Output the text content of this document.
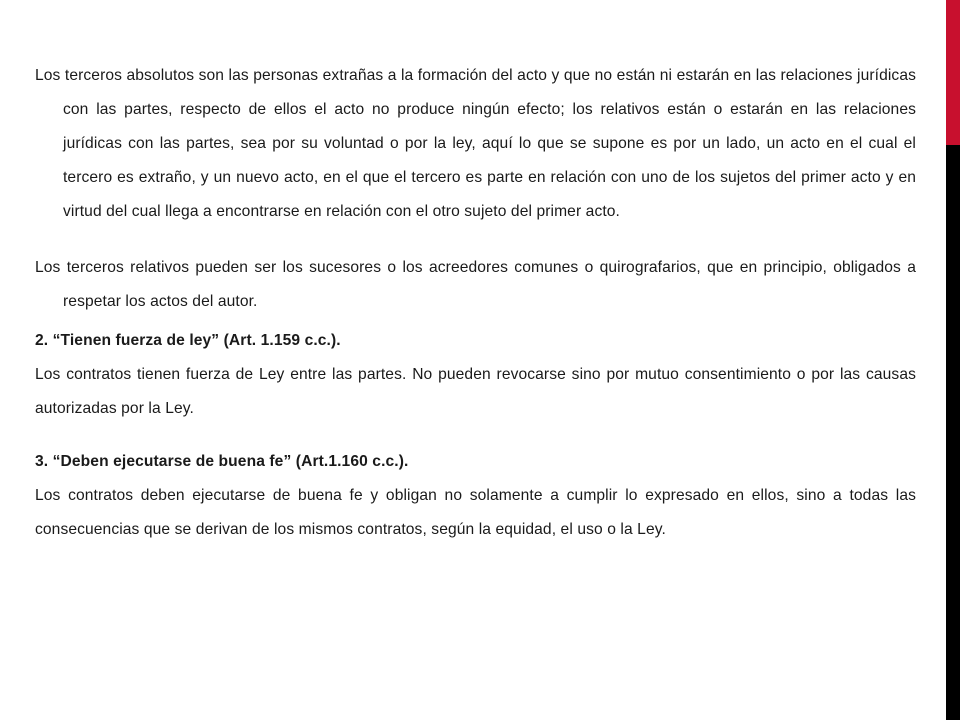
Los terceros absolutos son las personas extrañas a la formación del acto y que no están ni estarán en las relaciones jurídicas con las partes, respecto de ellos el acto no produce ningún efecto; los relativos están o estarán en las relaciones jurídicas con las partes, sea por su voluntad o por la ley, aquí lo que se supone es por un lado, un acto en el cual el tercero es extraño, y un nuevo acto, en el que el tercero es parte en relación con uno de los sujetos del primer acto y en virtud del cual llega a encontrarse en relación con el otro sujeto del primer acto.

Los terceros relativos pueden ser los sucesores o los acreedores comunes o quirografarios, que en principio, obligados a respetar los actos del autor.

2. “Tienen fuerza de ley” (Art. 1.159 c.c.).

Los contratos tienen fuerza de Ley entre las partes. No pueden revocarse sino por mutuo consentimiento o por las causas autorizadas por la Ley.

3. “Deben ejecutarse de buena fe” (Art.1.160 c.c.).

Los contratos deben ejecutarse de buena fe y obligan no solamente a cumplir lo expresado en ellos, sino a todas las consecuencias que se derivan de los mismos contratos, según la equidad, el uso o la Ley.
